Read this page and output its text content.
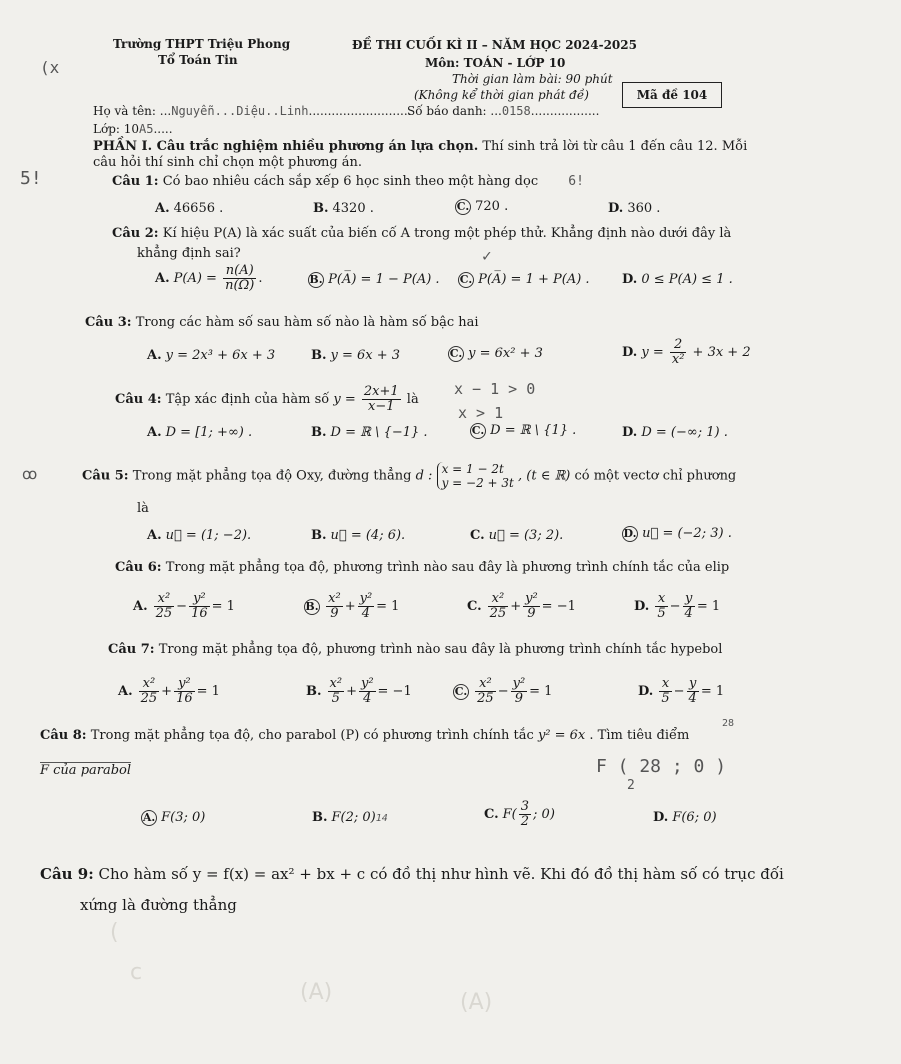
(
c
(A)	(A)
Trường THPT Triệu Phong
Tổ Toán Tin
(x
ĐỀ THI CUỐI KÌ II – NĂM HỌC 2024-2025
Môn: TOÁN - LỚP 10
Thời gian làm bài: 90 phút
(Không kể thời gian phát đề)	Mã đề 104
Họ và tên: ...Nguyễn...Diệu..Linh...........................
Số báo danh: ...0158..................
Lớp: 10A5.....
PHẦN I. Câu trắc nghiệm nhiều phương án lựa chọn. Thí sinh trả lời từ câu 1 đến câu 12. Mỗi
câu hỏi thí sinh chỉ chọn một phương án.
5!	Câu 1: Có bao nhiêu cách sắp xếp 6 học sinh theo một hàng dọc 6!
A. 46656 .	B. 4320 .	C. 720 .	D. 360 .
Câu 2: Kí hiệu P(A) là xác suất của biến cố A trong một phép thử. Khẳng định nào dưới đây là
khẳng định sai?	✓
A. $P(A) = \frac{n(A)}{n(\Omega)}$ .	B. P(A̅) = 1 − P(A) . C. P(A̅) = 1 + P(A) . D. 0 ≤ P(A) ≤ 1 .
Câu 3: Trong các hàm số sau hàm số nào là hàm số bậc hai
A. y = 2x³ + 6x + 3	B. y = 6x + 3	C. y = 6x² + 3	D. $y = \frac{2}{\text{x²}} + 3x + 2$
Câu 4: Tập xác định của hàm số $y = \frac{2x+1}{x-1}$ là
x − 1 > 0
x > 1
A. D = [1; +∞) .	B. D = ℝ \ {−1} .	C. D = ℝ \ {1} .	D. D = (−∞; 1) .
ꝏ	Câu 5: Trong mặt phẳng tọa độ Oxy, đường thẳng d : x = 1 − 2t
y = −2 + 3t , (t ∈ ℝ) có một vectơ chỉ phương
là
A. u⃗ = (1; −2).	B. u⃗ = (4; 6).	C. u⃗ = (3; 2).	D. u⃗ = (−2; 3) .
Câu 6: Trong mặt phẳng tọa độ, phương trình nào sau đây là phương trình chính tắc của elip
A. $\frac{\text{x²}}{25} - \frac{\text{y²}}{16} = 1$	B. $\frac{\text{x²}}{9} + \frac{\text{y²}}{4} = 1$	C. $\frac{\text{x²}}{25} + \frac{\text{y²}}{9} = -1$	D. $\frac{x}{5} - \frac{y}{4} = 1$
Câu 7: Trong mặt phẳng tọa độ, phương trình nào sau đây là phương trình chính tắc hypebol
A. $\frac{\text{x²}}{25} + \frac{\text{y²}}{16} = 1$	B. $\frac{\text{x²}}{5} + \frac{\text{y²}}{4} = -1$	C. $\frac{\text{x²}}{25} - \frac{\text{y²}}{9} = 1$	D. $\frac{x}{5} - \frac{y}{4} = 1$
Câu 8: Trong mặt phẳng tọa độ, cho parabol (P) có phương trình chính tắc y² = 6x . Tìm tiêu điểm
28
F của parabol	F ( 28 ; 0 )
2
A. F(3; 0)	B. F(2; 0)14	C. $F( \frac{3}{2}$ ; 0)	D. F(6; 0)
Câu 9: Cho hàm số y = f(x) = ax² + bx + c có đồ thị như hình vẽ. Khi đó đồ thị hàm số có trục đối
xứng là đường thẳng
